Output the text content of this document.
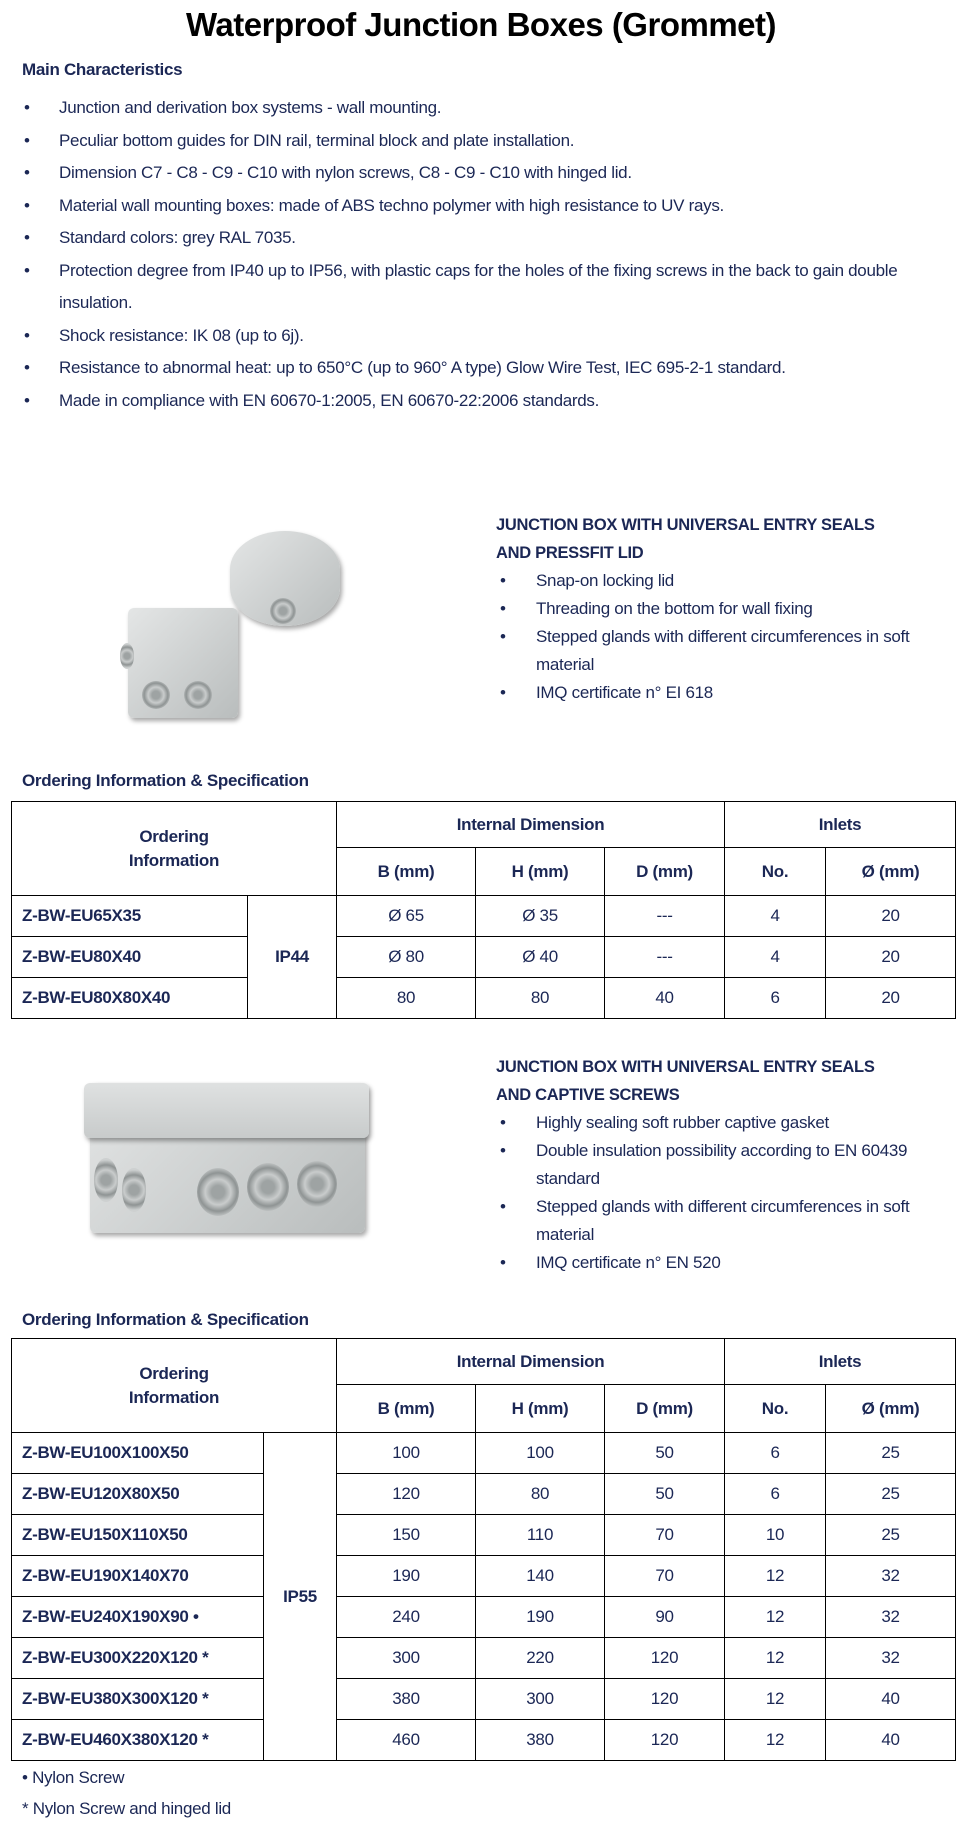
Waterproof Junction Boxes (Grommet)
Main Characteristics
• Junction and derivation box systems - wall mounting.
• Peculiar bottom guides for DIN rail, terminal block and plate installation.
• Dimension C7 - C8 - C9 - C10 with nylon screws, C8 - C9 - C10 with hinged lid.
• Material wall mounting boxes: made of ABS techno polymer with high resistance to UV rays.
• Standard colors: grey RAL 7035.
• Protection degree from IP40 up to IP56, with plastic caps for the holes of the fixing screws in the back to gain double insulation.
• Shock resistance: IK 08 (up to 6j).
• Resistance to abnormal heat: up to 650°C (up to 960° A type) Glow Wire Test, IEC 695-2-1 standard.
• Made in compliance with EN 60670-1:2005, EN 60670-22:2006 standards.
JUNCTION BOX WITH UNIVERSAL ENTRY SEALS
AND PRESSFIT LID
• Snap-on locking lid
• Threading on the bottom for wall fixing
• Stepped glands with different circumferences in soft material
• IMQ certificate n° EI 618
Ordering Information & Specification
Ordering
Information		Internal Dimension			Inlets	
		B (mm)	H (mm)	D (mm)	No.	Ø (mm)
Z-BW-EU65X35	IP44	Ø 65	Ø 35	---	4	20
Z-BW-EU80X40		Ø 80	Ø 40	---	4	20
Z-BW-EU80X80X40		80	80	40	6	20
JUNCTION BOX WITH UNIVERSAL ENTRY SEALS
AND CAPTIVE SCREWS
• Highly sealing soft rubber captive gasket
• Double insulation possibility according to EN 60439 standard
• Stepped glands with different circumferences in soft material
• IMQ certificate n° EN 520
Ordering Information & Specification
Ordering
Information		Internal Dimension			Inlets	
		B (mm)	H (mm)	D (mm)	No.	Ø (mm)
Z-BW-EU100X100X50	IP55	100	100	50	6	25
Z-BW-EU120X80X50		120	80	50	6	25
Z-BW-EU150X110X50		150	110	70	10	25
Z-BW-EU190X140X70		190	140	70	12	32
Z-BW-EU240X190X90 •		240	190	90	12	32
Z-BW-EU300X220X120 *		300	220	120	12	32
Z-BW-EU380X300X120 *		380	300	120	12	40
Z-BW-EU460X380X120 *		460	380	120	12	40
• Nylon Screw
* Nylon Screw and hinged lid
